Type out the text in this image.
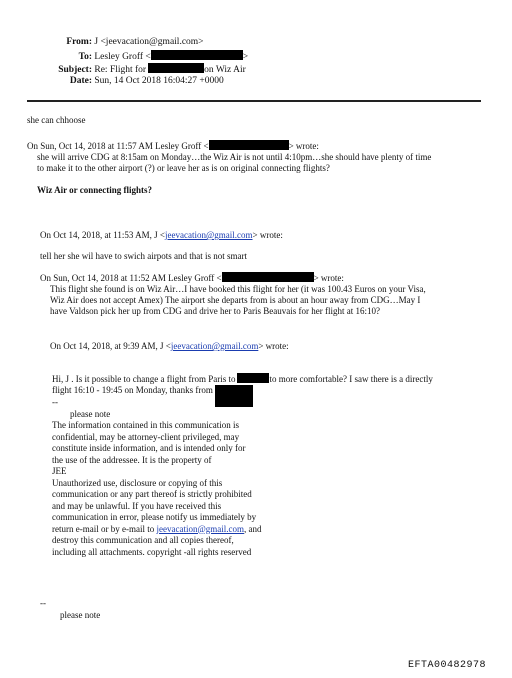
From: J <jeevacation@gmail.com>
To: Lesley Groff <	>
Subject: Re: Flight for	on Wiz Air
Date: Sun, 14 Oct 2018 16:04:27 +0000
she can chhoose
On Sun, Oct 14, 2018 at 11:57 AM Lesley Groff <	> wrote:
she will arrive CDG at 8:15am on Monday…the Wiz Air is not until 4:10pm…she should have plenty of time
to make it to the other airport (?) or leave her as is on original connecting flights?
Wiz Air or connecting flights?
On Oct 14, 2018, at 11:53 AM, J <jeevacation@gmail.com> wrote:
tell her she wil have to swich airpots and that is not smart
On Sun, Oct 14, 2018 at 11:52 AM Lesley Groff <	> wrote:
This flight she found is on Wiz Air…I have booked this flight for her (it was 100.43 Euros on your Visa,
Wiz Air does not accept Amex) The airport she departs from is about an hour away from CDG…May I
have Valdson pick her up from CDG and drive her to Paris Beauvais for her flight at 16:10?
On Oct 14, 2018, at 9:39 AM, J <jeevacation@gmail.com> wrote:
Hi, J . Is it possible to change a flight from Paris to	to more comfortable? I saw there is a directly
flight 16:10 - 19:45 on Monday, thanks from
--
please note
The information contained in this communication is
confidential, may be attorney-client privileged, may
constitute inside information, and is intended only for
the use of the addressee. It is the property of
JEE
Unauthorized use, disclosure or copying of this
communication or any part thereof is strictly prohibited
and may be unlawful. If you have received this
communication in error, please notify us immediately by
return e-mail or by e-mail to jeevacation@gmail.com, and
destroy this communication and all copies thereof,
including all attachments. copyright -all rights reserved
--
please note
EFTA00482978
